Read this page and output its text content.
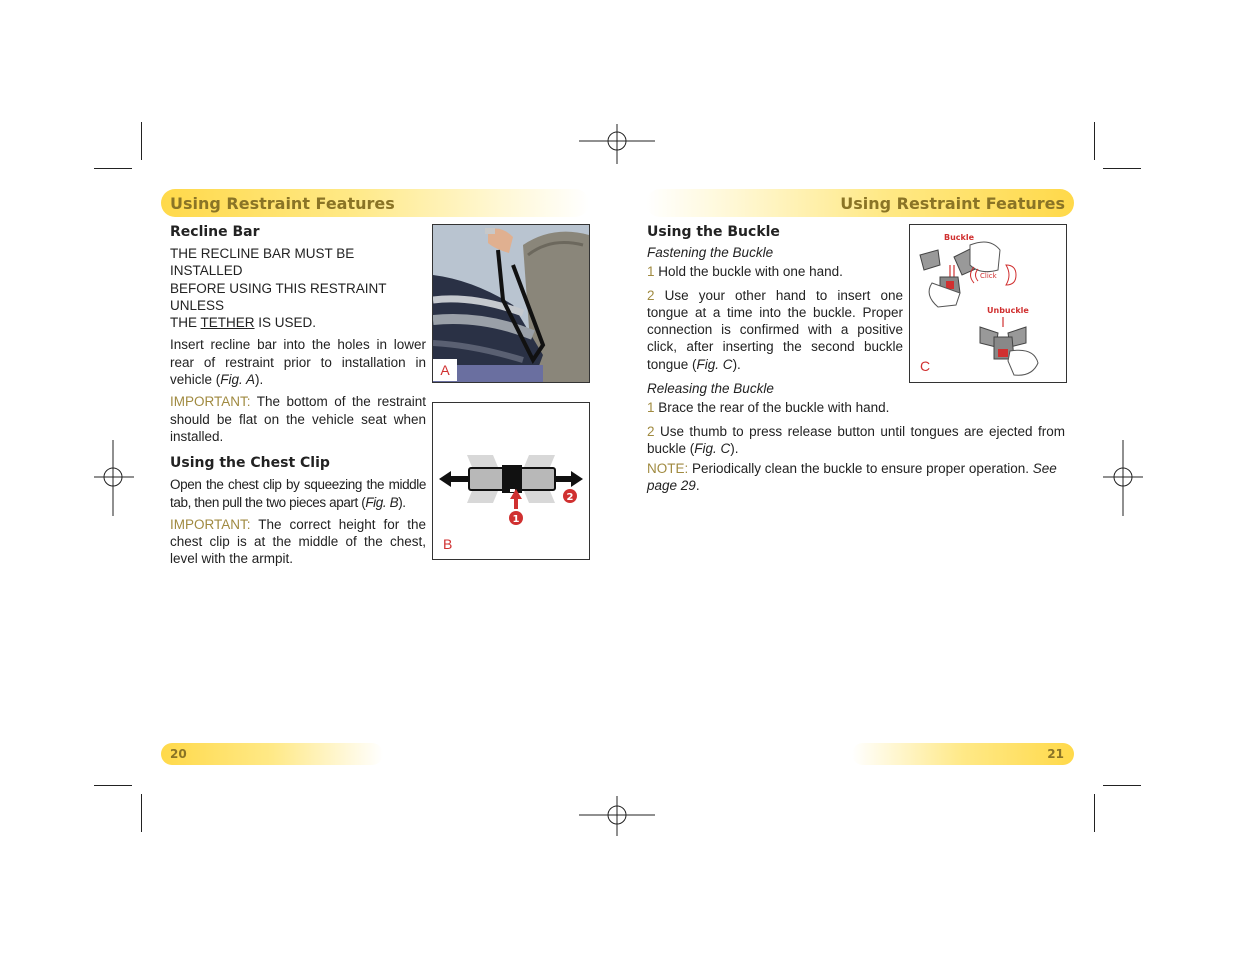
Using Restraint Features	Using Restraint Features
Recline Bar

THE RECLINE BAR MUST BE INSTALLED
BEFORE USING THIS RESTRAINT UNLESS
THE TETHER IS USED.

Insert recline bar into the holes in lower rear of restraint prior to installation in vehicle (Fig. A).

IMPORTANT: The bottom of the restraint should be flat on the vehicle seat when installed.

Using the Chest Clip

Open the chest clip by squeezing the middle tab, then pull the two pieces apart (Fig. B).

IMPORTANT: The correct height for the chest clip is at the middle of the chest, level with the armpit.

A
1
2
B
Using the Buckle

Fastening the Buckle

1 Hold the buckle with one hand.

2 Use your other hand to insert one tongue at a time into the buckle. Proper connection is confirmed with a positive click, after inserting the second buckle tongue (Fig. C).

Releasing the Buckle

1 Brace the rear of the buckle with hand.

2 Use thumb to press release button until tongues are ejected from buckle (Fig. C).

NOTE: Periodically clean the buckle to ensure proper operation. See page 29.

Buckle
Unbuckle
Click
C
20	21
